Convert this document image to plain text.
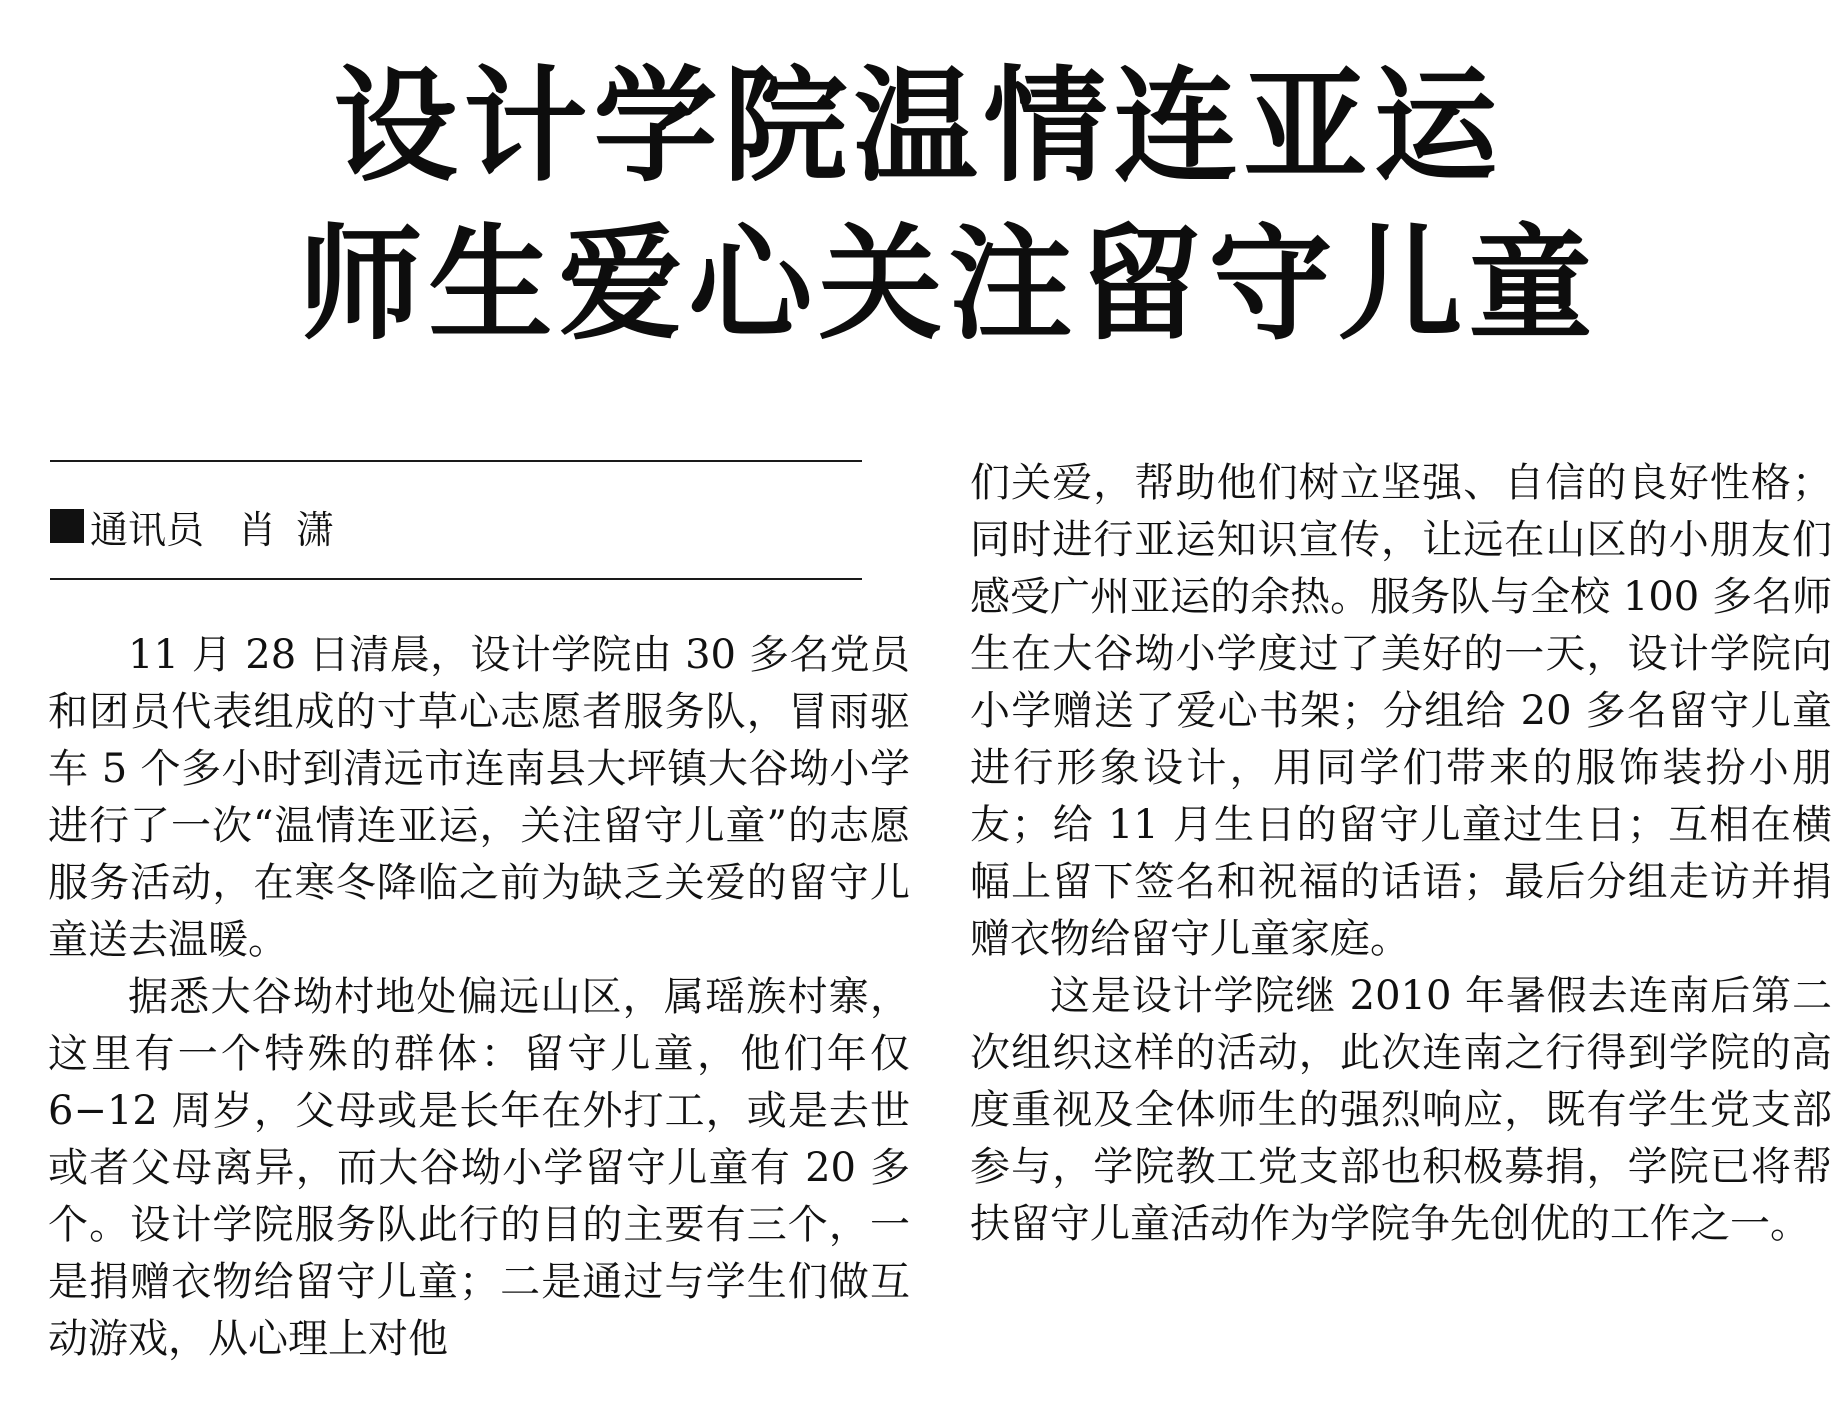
设计学院温情连亚运
师生爱心关注留守儿童
通讯员 肖潇

11 月 28 日清晨，设计学院由 30 多名党员和团员代表组成的寸草心志愿者服务队，冒雨驱车 5 个多小时到清远市连南县大坪镇大谷坳小学进行了一次“温情连亚运，关注留守儿童”的志愿服务活动，在寒冬降临之前为缺乏关爱的留守儿童送去温暖。

据悉大谷坳村地处偏远山区，属瑶族村寨，这里有一个特殊的群体：留守儿童，他们年仅 6−12 周岁，父母或是长年在外打工，或是去世或者父母离异，而大谷坳小学留守儿童有 20 多个。设计学院服务队此行的目的主要有三个，一是捐赠衣物给留守儿童；二是通过与学生们做互动游戏，从心理上对他

们关爱，帮助他们树立坚强、自信的良好性格；同时进行亚运知识宣传，让远在山区的小朋友们感受广州亚运的余热。服务队与全校 100 多名师生在大谷坳小学度过了美好的一天，设计学院向小学赠送了爱心书架；分组给 20 多名留守儿童进行形象设计，用同学们带来的服饰装扮小朋友；给 11 月生日的留守儿童过生日；互相在横幅上留下签名和祝福的话语；最后分组走访并捐赠衣物给留守儿童家庭。

这是设计学院继 2010 年暑假去连南后第二次组织这样的活动，此次连南之行得到学院的高度重视及全体师生的强烈响应，既有学生党支部参与，学院教工党支部也积极募捐，学院已将帮扶留守儿童活动作为学院争先创优的工作之一。
